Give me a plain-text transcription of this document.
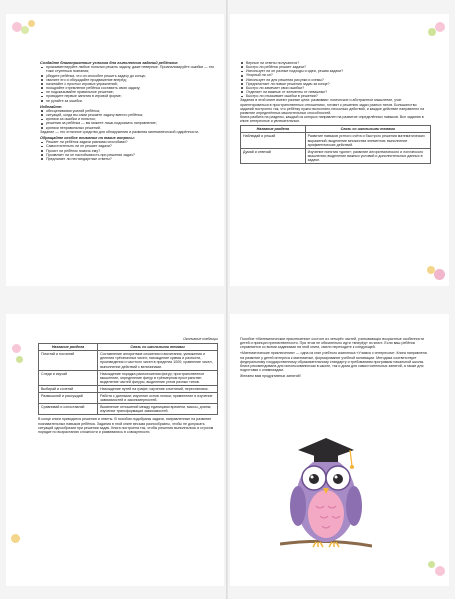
Создайте благоприятные условия для выполнения заданий ребёнком:
прокомментируйте любые попытки решить задачу, даже неверные. Проанализируйте ошибки — это тоже ступенька познания;
убедите ребёнка, что он способен решить задачу до конца;
хвалите его и обсуждайте продвижение вперёд;
начинайте с простых игровых упражнений;
поощряйте стремление ребёнка составить свою задачу;
не подсказывайте правильное решение;
проводите первые занятия в игровой форме;
не ругайте за ошибки.
Избегайте:
обесценивания усилий ребёнка;
ситуаций, когда вы сами решаете задачу вместо ребёнка;
критики за ошибки и попыток;
решения за ребёнка — вы можете лишь подсказать направление;
критики неправильных решений.
Задание — это отличное средство для обнаружения и развития математической одарённости.
Обращайте особое внимание на такие вопросы:
Решает ли ребёнок задачи разными способами?
Самостоятельно ли он решает задачи?
Просит ли ребёнок помочь ему?
Проявляет ли он настойчивость при решении задач?
Предлагает ли нестандартные ответы?
Верные ли ответы получаются?
Быстро ли ребёнок решает задачи?
Использует ли он разные подходы и идеи, решая задачи?
Упорный ли он?
Использует ли для решения рисунки и схемы?
Предпочитает ли новые решения задач за конце?
Быстро ли замечает свои ошибки?
Отделяет ли важные от элементы от неважных?
Быстро ли отыскивает ошибки в решении?
Задания в этой книге имеют разные цели: развивают логическое и абстрактное мышление, учат ориентироваться в пространственных отношениях, готовят к решению задач разных типов. Большинство заданий построено так, что ребёнку нужно выполнить несколько действий, и каждое действие направлено на развитие определённых мыслительных способностей.
Книга разбита на разделы, каждый из которых направлен на развитие определённых навыков. Все задания в книге интересные и увлекательные.
Название раздела	Связь со школьными темами
Наблюдай и решай	Развитие навыков устного счёта и быстрого решения математических выражений; выделение множества элементов; выполнение арифметических действий.
Думай и отвечай	Изучение понятия «доля»; развитие алгоритмического и логического мышления; выделение важных условий и дополнительных данных в задаче.
Окончание таблицы
Название раздела	Связь со школьными темами
Почитай и посчитай	Составление алгоритмов сложения и вычитания, умножения и деления трёхзначных чисел; нахождение суммы и разности, произведения и частного чисел в пределах 1000; сравнение чисел, выполнение действий с величинами.
Следи и изучай	Нахождение порядка расположения фигур; пространственное мышление, определение фигур в трёхмерном пространстве; выделение частей фигуры, выделение углов разных типов.
Выбирай и сочетай	Нахождение путей на графе; изучение сочетаний, перестановок.
Размышляй и рассуждай	Работа с данными; изучение основ логики; применение и изучение зависимостей и закономерностей.
Сравнивай и сопоставляй	Выявление отношений между единицами времени, массы, длины; изучение трансформации зависимостей.
В конце книги приводятся решения и ответы. В пособии подобраны задачи, направленные на развитие познавательных навыков ребёнка. Задания в этой книге весьма разнообразны, чтобы не допускать ситуаций однообразия при решении задач. Книга построена так, чтобы решения выполнялись в строгом порядке по возрастанию сложности и развивались в совокупности.
Пособие «Математические приключения» состоит из четырёх частей, учитывающих возрастные особенности детей и принцип преемственности. При этом не обязательно идти «вперёд» по книге. Если ваш ребёнок справляется со всеми заданиями на этой книги, смело переходите к следующей.
«Математические приключения» — одна из книг учебного комплекса «Учимся с интересом». Книга направлена на развитие у детей интереса к математике, формирование учебной мотивации. Методика соответствует федеральному государственному образовательному стандарту и требованиям программы начальной школы. Книга рекомендована для использования как в школе, так и дома для самостоятельных занятий, а также для подготовки к олимпиадам.
Желаем вам продуктивных занятий!
